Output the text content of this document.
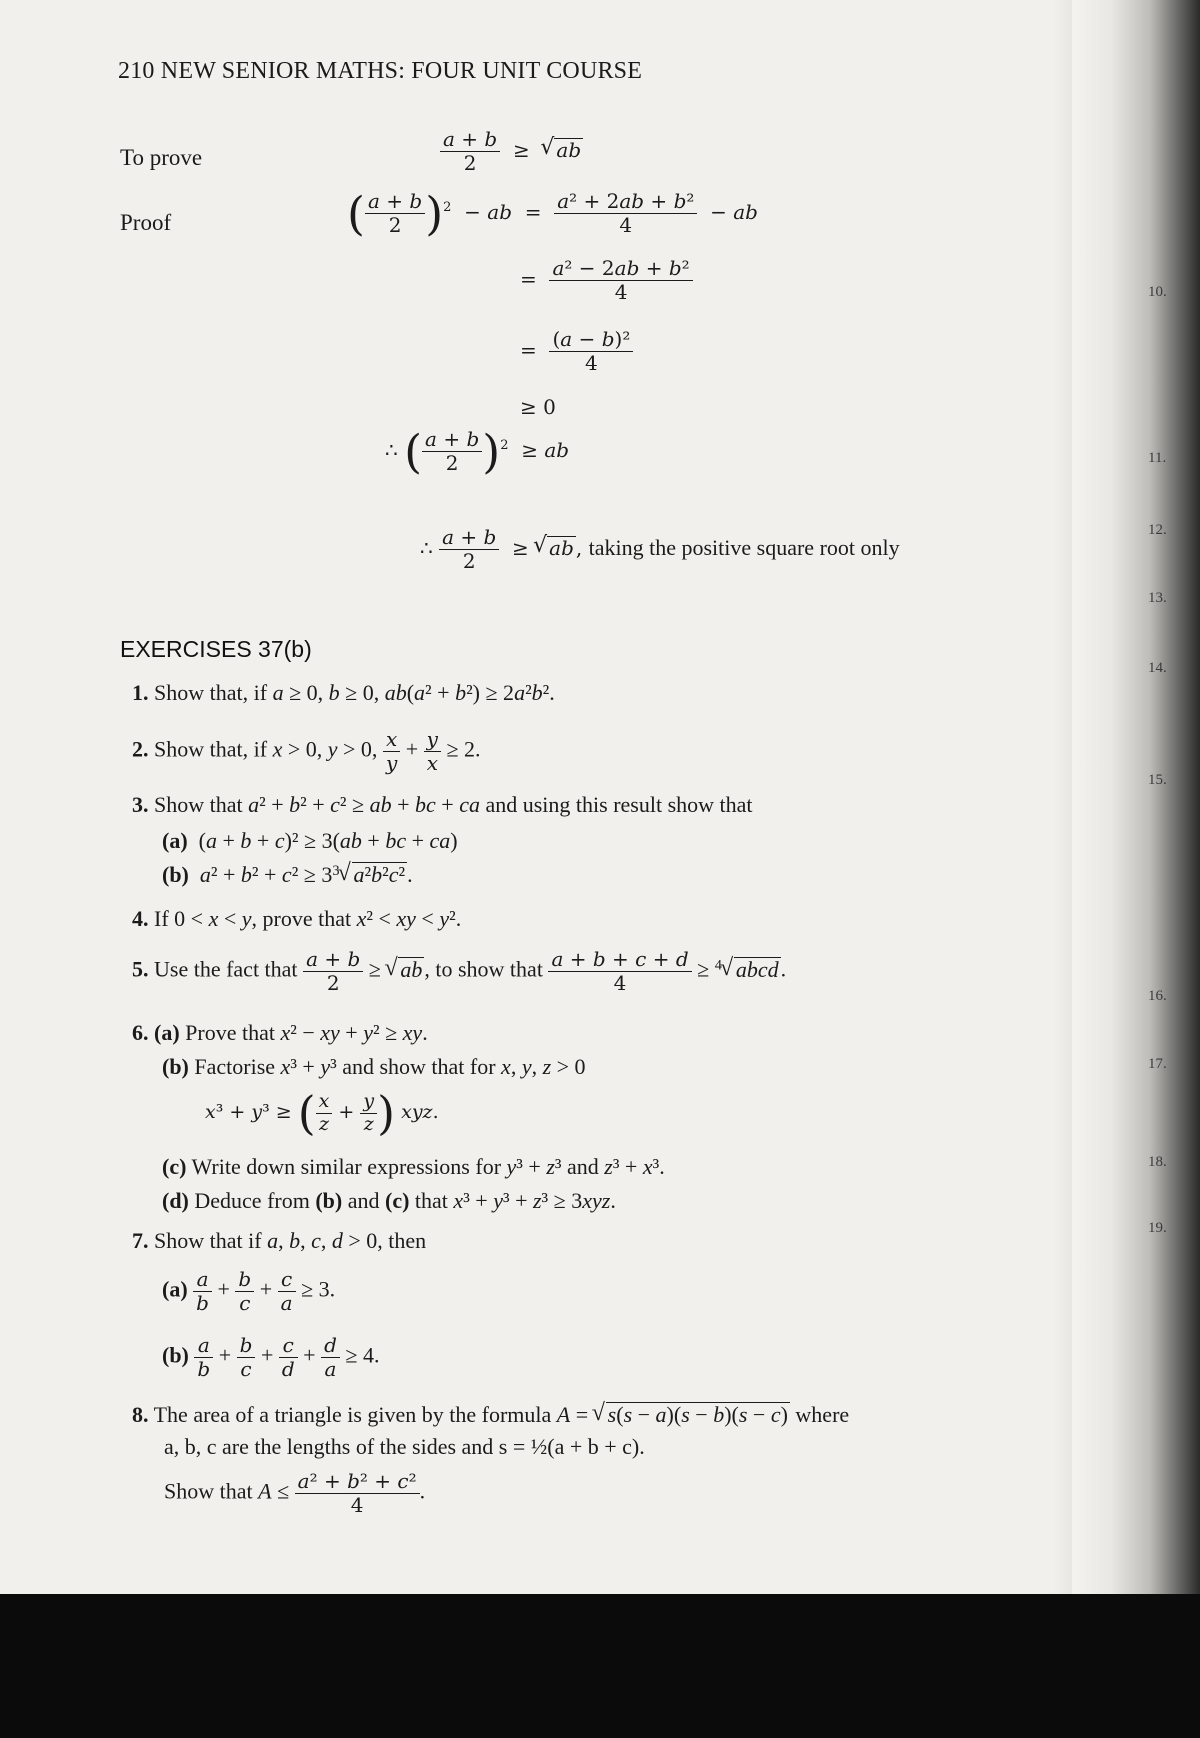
210 NEW SENIOR MATHS: FOUR UNIT COURSE
To prove	$\frac{a + b}{2}$ ≥  √ ab
Proof	( $\frac{a + b}{2} )^2$  − ab  = $\frac{\text{a² + 2ab + b²}}{4}$ − ab
= $\frac{\text{a² − 2ab + b²}}{4}$
= $\frac{\text{(a − b)²}}{4}$
≥ 0
∴ ( $\frac{a + b}{2} )^2$  ≥ ab
∴ $\frac{a + b}{2}$ ≥ √ ab , taking the positive square root only
EXERCISES 37(b)
1. Show that, if a ≥ 0, b ≥ 0, ab(a² + b²) ≥ 2a²b².
2. Show that, if x > 0, y > 0, $\frac{x}{y} + \frac{y}{x} \ge 2$.
3. Show that a² + b² + c² ≥ ab + bc + ca and using this result show that
(a)  (a + b + c)² ≥ 3(ab + bc + ca)
(b) $a^2 + b^2 + c^2 \ge 3^3√$ a²b²c².
4. If 0 < x < y, prove that x² < xy < y².
5. Use the fact that $\frac{a + b}{2}$ ≥ √ ab, to show that $\frac{a + b + c + d}{4} \ge ^4√$ abcd.
6. (a) Prove that x² − xy + y² ≥ xy.
(b) Factorise x³ + y³ and show that for x, y, z > 0
x³ + y³ ≥ ( $\frac{x}{z} + \frac{y}{z}$ ) xyz.
(c) Write down similar expressions for y³ + z³ and z³ + x³.
(d) Deduce from (b) and (c) that x³ + y³ + z³ ≥ 3xyz.
7. Show that if a, b, c, d > 0, then
$(a) \frac{a}{b} + \frac{b}{c} + \frac{c}{a} \ge 3$.
$(b) \frac{a}{b} + \frac{b}{c} + \frac{c}{d} + \frac{d}{a} \ge 4$.
8. The area of a triangle is given by the formula A = √ s(s − a)(s − b)(s − c) where
a, b, c are the lengths of the sides and s = ½(a + b + c).
Show that $A \le \frac{\text{a² + b² + c²}}{4}$ .
10.
11.
12.
13.
14.
15.
16.
17.
18.
19.
